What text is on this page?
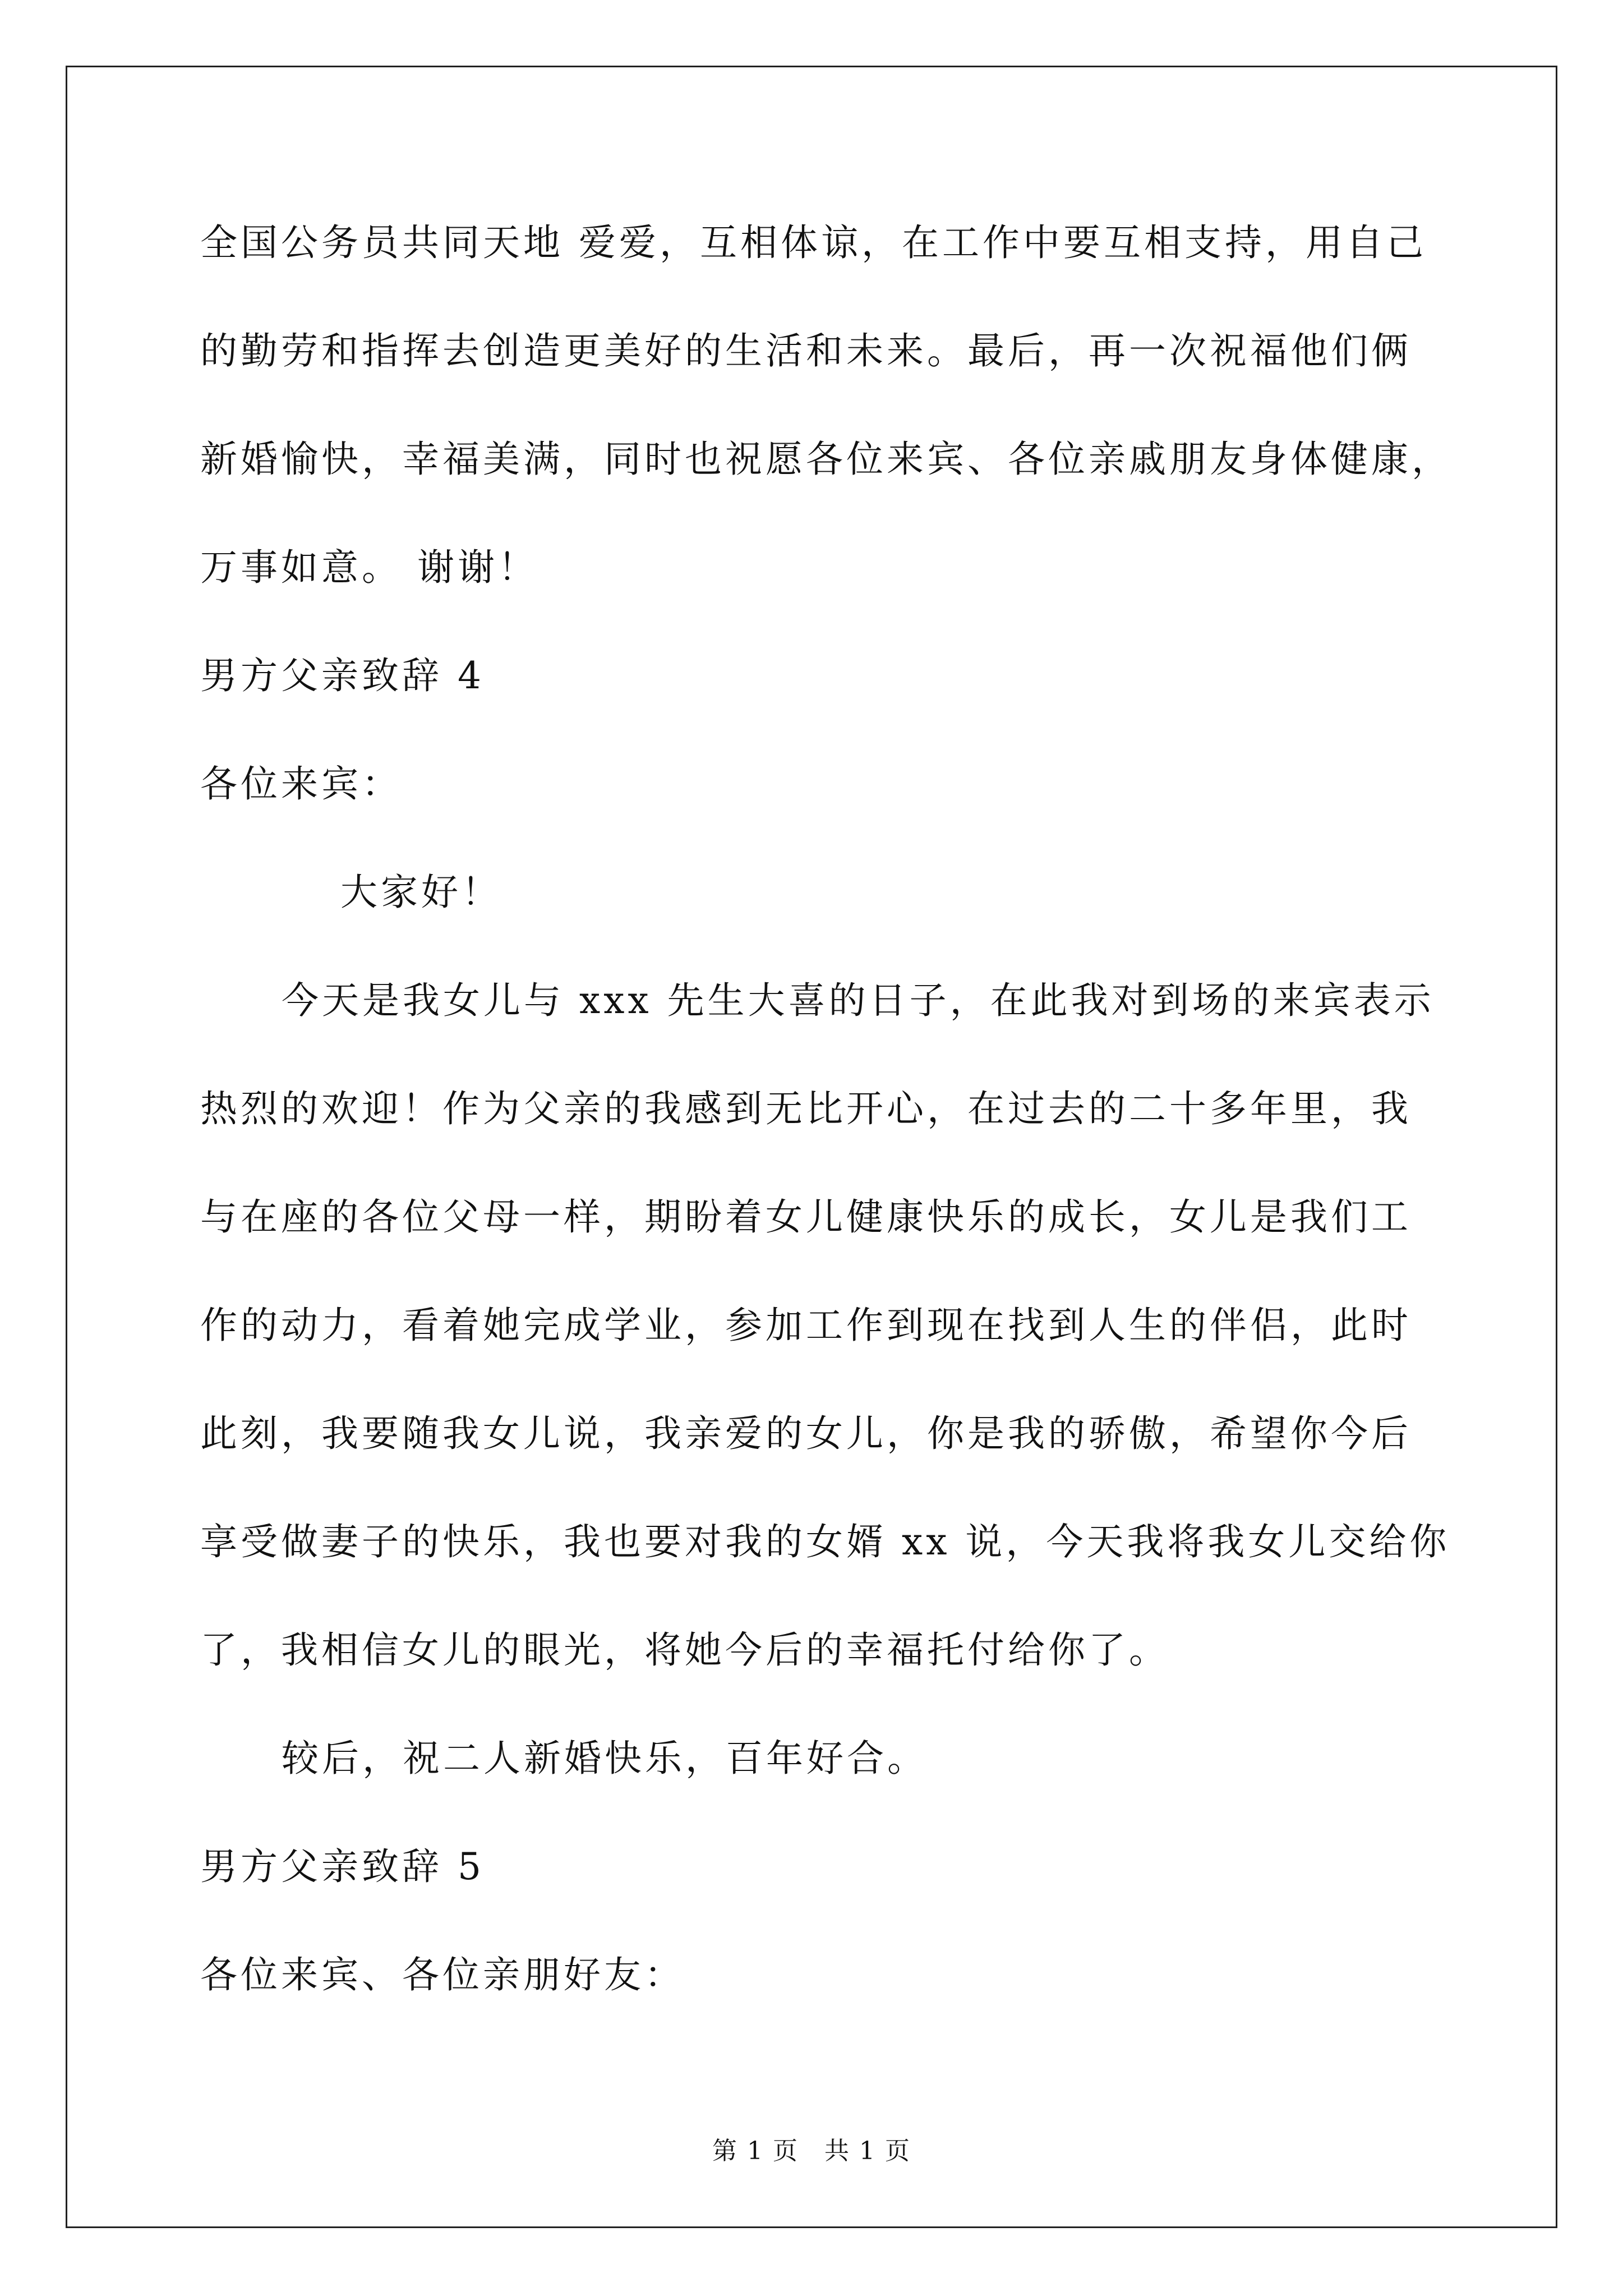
全国公务员共同天地 爱爱，互相体谅，在工作中要互相支持，用自己
的勤劳和指挥去创造更美好的生活和未来。最后，再一次祝福他们俩
新婚愉快，幸福美满，同时也祝愿各位来宾、各位亲戚朋友身体健康，
万事如意。 谢谢！
男方父亲致辞 4
各位来宾：
大家好！
今天是我女儿与 xxx 先生大喜的日子，在此我对到场的来宾表示
热烈的欢迎！作为父亲的我感到无比开心，在过去的二十多年里，我
与在座的各位父母一样，期盼着女儿健康快乐的成长，女儿是我们工
作的动力，看着她完成学业，参加工作到现在找到人生的伴侣，此时
此刻，我要随我女儿说，我亲爱的女儿，你是我的骄傲，希望你今后
享受做妻子的快乐，我也要对我的女婿 xx 说，今天我将我女儿交给你
了，我相信女儿的眼光，将她今后的幸福托付给你了。
较后，祝二人新婚快乐，百年好合。
男方父亲致辞 5
各位来宾、各位亲朋好友：
第 1 页　共 1 页
